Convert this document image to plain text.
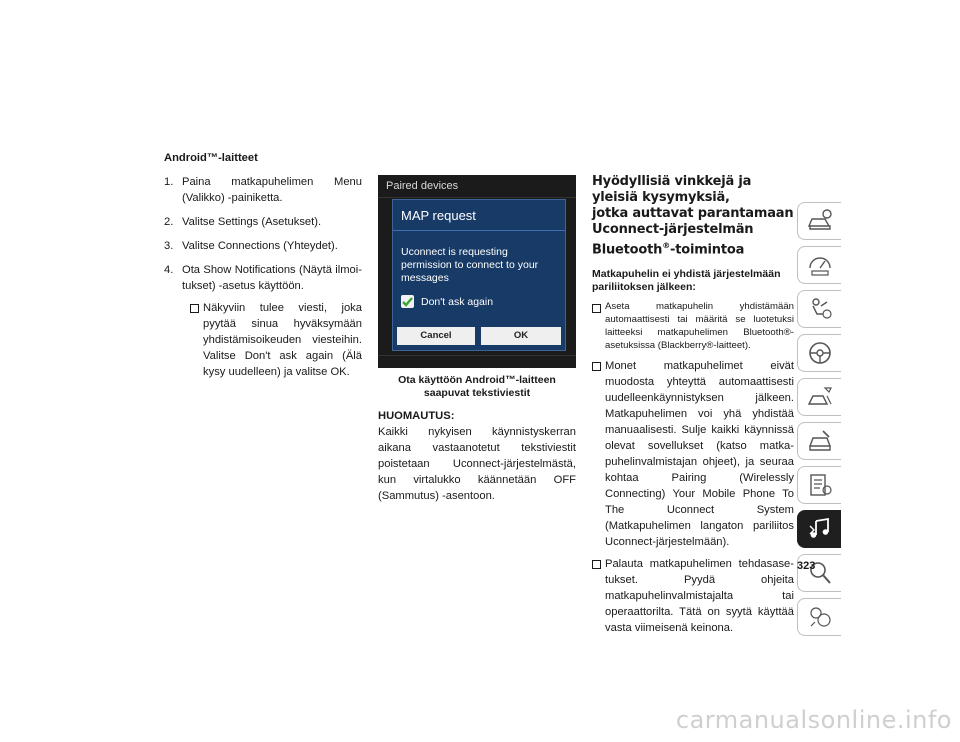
Android™-laitteet

1. Paina matkapuhelimen Menu (Valikko) -painiketta.
2. Valitse Settings (Asetukset).
3. Valitse Connections (Yhteydet).
4. Ota Show Notifications (Näytä ilmoitukset) -asetus käyttöön.
Näkyviin tulee viesti, joka pyytää sinua hyväksymään yhdistämisoikeuden viesteihin. Valitse Don't ask again (Älä kysy uudelleen) ja valitse OK.
Paired devices
MAP request
Uconnect is requesting permission to connect to your messages
Don't ask again
Cancel	OK
Ota käyttöön Android™-laitteen saapuvat tekstiviestit

HUOMAUTUS:

Kaikki nykyisen käynnistyskerran aikana vastaanotetut tekstiviestit poistetaan Uconnect-järjestelmästä, kun virtalukko käännetään OFF (Sammutus) -asentoon.

Hyödyllisiä vinkkejä ja yleisiä kysymyksiä,

jotka auttavat parantamaan

Uconnect-järjestelmän

Bluetooth®-toimintoa

Matkapuhelin ei yhdistä järjestelmään pariliitoksen jälkeen:

Aseta matkapuhelin yhdistämään automaattisesti tai määritä se luotetuksi laitteeksi matkapuhelimen Bluetooth®-asetuksissa (Blackberry®-laitteet).
Monet matkapuhelimet eivät muodosta yhteyttä automaattisesti uudelleenkäynnistyksen jälkeen. Matkapuhelimen voi yhä yhdistää manuaalisesti. Sulje kaikki käynnissä olevat sovellukset (katso matkapuhelinvalmistajan ohjeet), ja seuraa kohtaa Pairing (Wirelessly Connecting) Your Mobile Phone To The Uconnect System (Matkapuhelimen langaton pariliitos Uconnect-järjestelmään).
Palauta matkapuhelimen tehdasasetukset. Pyydä ohjeita matkapuhelinvalmistajalta tai operaattorilta. Tätä on syytä käyttää vasta viimeisenä keinona.
323
carmanualsonline.info
